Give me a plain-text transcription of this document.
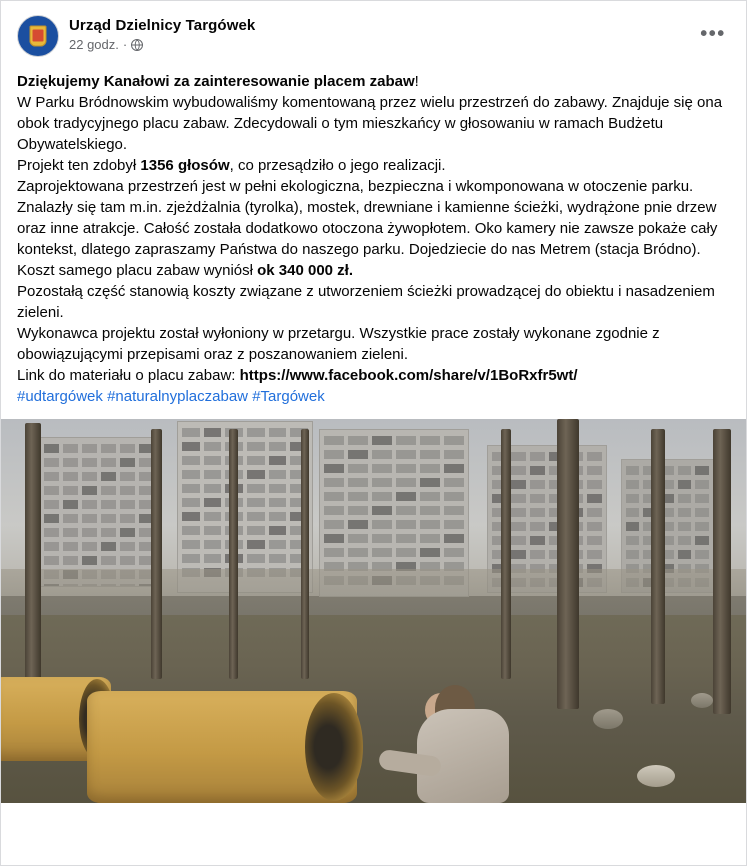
Urząd Dzielnicy Targówek
22 godz. ·	•••

Dziękujemy Kanałowi za zainteresowanie placem zabaw!

W Parku Bródnowskim wybudowaliśmy komentowaną przez wielu przestrzeń do zabawy. Znajduje się ona obok tradycyjnego placu zabaw. Zdecydowali o tym mieszkańcy w głosowaniu w ramach Budżetu Obywatelskiego.

Projekt ten zdobył 1356 głosów, co przesądziło o jego realizacji.

Zaprojektowana przestrzeń jest w pełni ekologiczna, bezpieczna i wkomponowana w otoczenie parku. Znalazły się tam m.in. zjeżdżalnia (tyrolka), mostek, drewniane i kamienne ścieżki, wydrążone pnie drzew oraz inne atrakcje. Całość została dodatkowo otoczona żywopłotem. Oko kamery nie zawsze pokaże cały kontekst, dlatego zapraszamy Państwa do naszego parku. Dojedziecie do nas Metrem (stacja Bródno).

Koszt samego placu zabaw wyniósł ok 340 000 zł.

Pozostałą część stanowią koszty związane z utworzeniem ścieżki prowadzącej do obiektu i nasadzeniem zieleni.

Wykonawca projektu został wyłoniony w przetargu. Wszystkie prace zostały wykonane zgodnie z obowiązującymi przepisami oraz z poszanowaniem zieleni.

Link do materiału o placu zabaw: https://www.facebook.com/share/v/1BoRxfr5wt/

#udtargówek #naturalnyplaczabaw #Targówek
